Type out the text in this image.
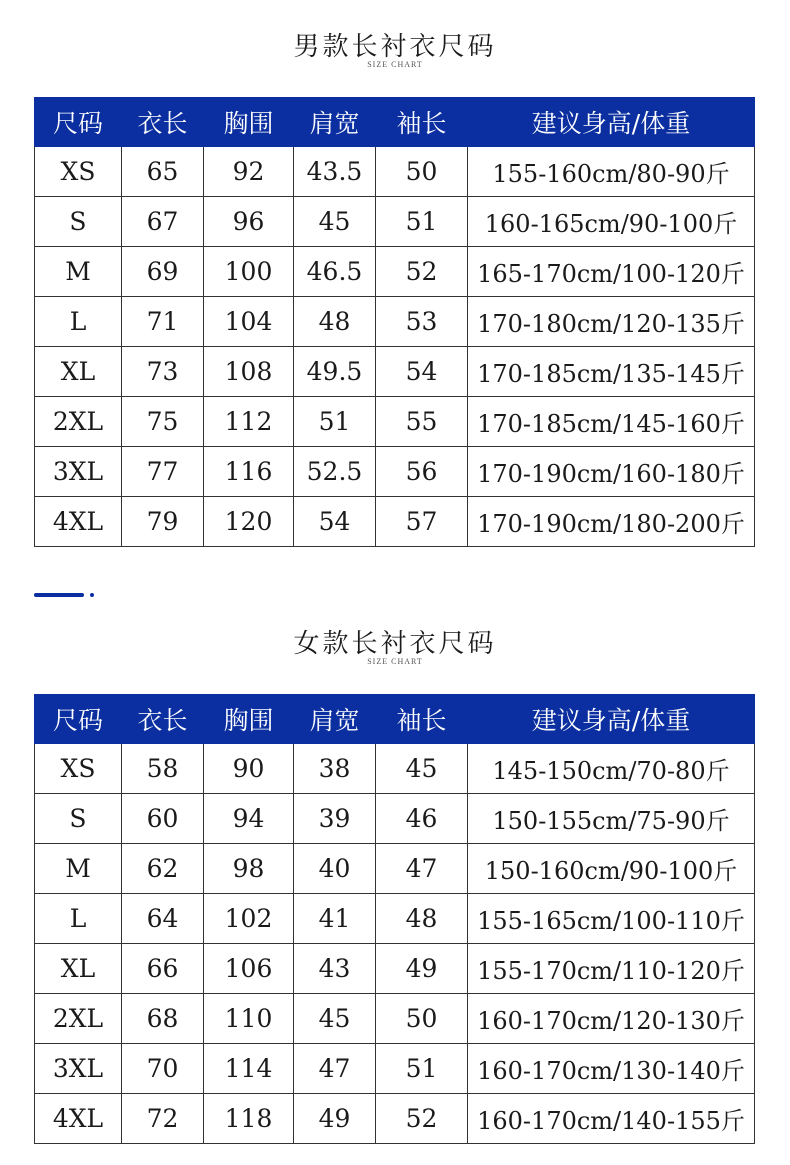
男款长衬衣尺码
SIZE CHART
尺码	衣长	胸围	肩宽	袖长	建议身高/体重
XS	65	92	43.5	50	155-160cm/80-90斤
S	67	96	45	51	160-165cm/90-100斤
M	69	100	46.5	52	165-170cm/100-120斤
L	71	104	48	53	170-180cm/120-135斤
XL	73	108	49.5	54	170-185cm/135-145斤
2XL	75	112	51	55	170-185cm/145-160斤
3XL	77	116	52.5	56	170-190cm/160-180斤
4XL	79	120	54	57	170-190cm/180-200斤
女款长衬衣尺码
SIZE CHART
尺码	衣长	胸围	肩宽	袖长	建议身高/体重
XS	58	90	38	45	145-150cm/70-80斤
S	60	94	39	46	150-155cm/75-90斤
M	62	98	40	47	150-160cm/90-100斤
L	64	102	41	48	155-165cm/100-110斤
XL	66	106	43	49	155-170cm/110-120斤
2XL	68	110	45	50	160-170cm/120-130斤
3XL	70	114	47	51	160-170cm/130-140斤
4XL	72	118	49	52	160-170cm/140-155斤
